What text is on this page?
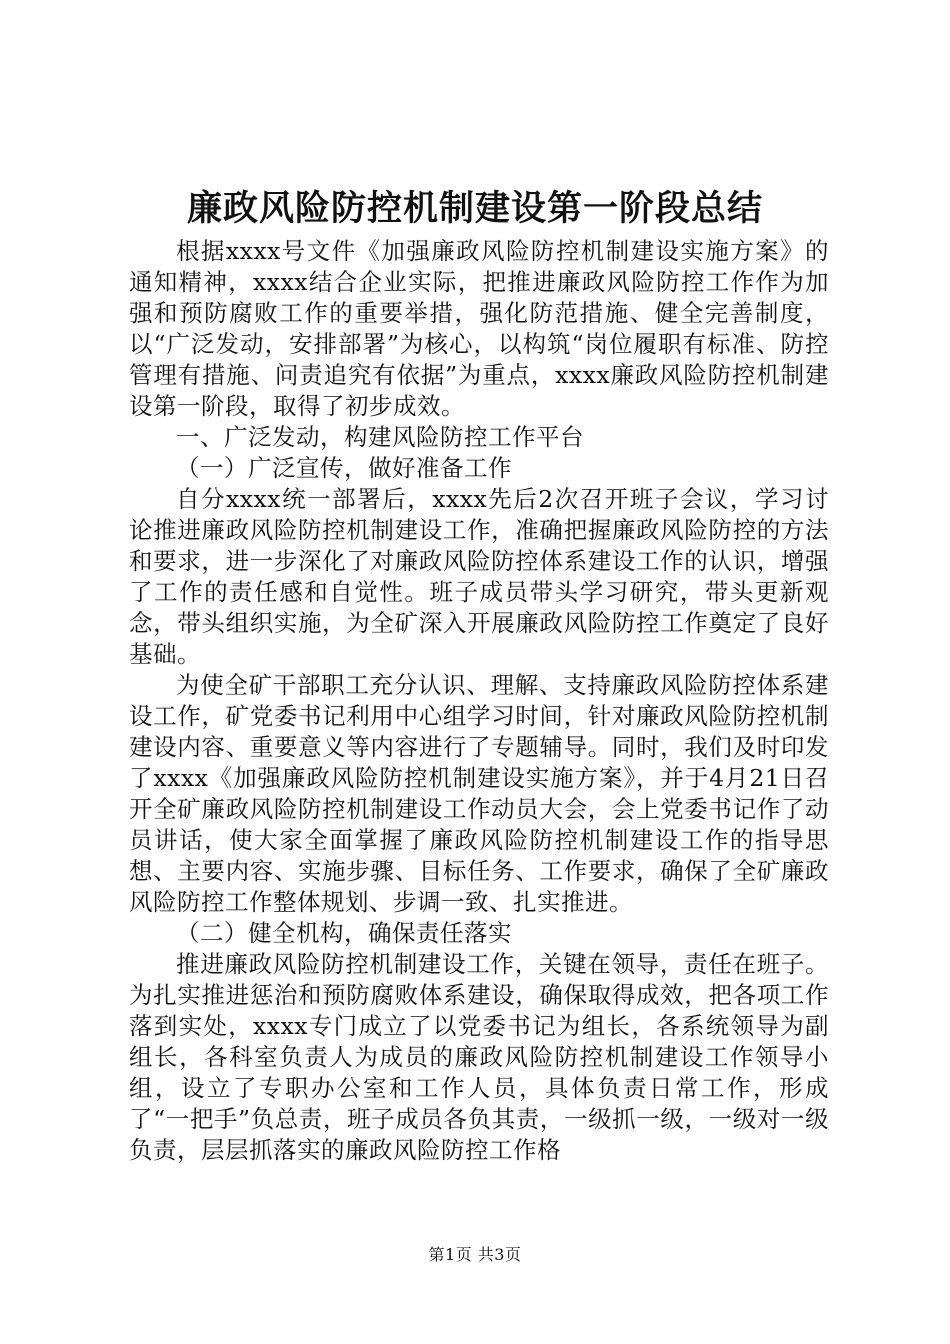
廉政风险防控机制建设第一阶段总结

根据xxxx号文件《加强廉政风险防控机制建设实施方案》的通知精神，xxxx结合企业实际，把推进廉政风险防控工作作为加强和预防腐败工作的重要举措，强化防范措施、健全完善制度，以“广泛发动，安排部署”为核心，以构筑“岗位履职有标准、防控管理有措施、问责追究有依据”为重点，xxxx廉政风险防控机制建设第一阶段，取得了初步成效。

一、广泛发动，构建风险防控工作平台

（一）广泛宣传，做好准备工作

自分xxxx统一部署后，xxxx先后2次召开班子会议，学习讨论推进廉政风险防控机制建设工作，准确把握廉政风险防控的方法和要求，进一步深化了对廉政风险防控体系建设工作的认识，增强了工作的责任感和自觉性。班子成员带头学习研究，带头更新观念，带头组织实施，为全矿深入开展廉政风险防控工作奠定了良好基础。

为使全矿干部职工充分认识、理解、支持廉政风险防控体系建设工作，矿党委书记利用中心组学习时间，针对廉政风险防控机制建设内容、重要意义等内容进行了专题辅导。同时，我们及时印发了xxxx《加强廉政风险防控机制建设实施方案》，并于4月21日召开全矿廉政风险防控机制建设工作动员大会，会上党委书记作了动员讲话，使大家全面掌握了廉政风险防控机制建设工作的指导思想、主要内容、实施步骤、目标任务、工作要求，确保了全矿廉政风险防控工作整体规划、步调一致、扎实推进。

（二）健全机构，确保责任落实

推进廉政风险防控机制建设工作，关键在领导，责任在班子。为扎实推进惩治和预防腐败体系建设，确保取得成效，把各项工作落到实处，xxxx专门成立了以党委书记为组长，各系统领导为副组长，各科室负责人为成员的廉政风险防控机制建设工作领导小组，设立了专职办公室和工作人员，具体负责日常工作，形成了“一把手”负总责，班子成员各负其责，一级抓一级，一级对一级负责，层层抓落实的廉政风险防控工作格

第1页 共3页
